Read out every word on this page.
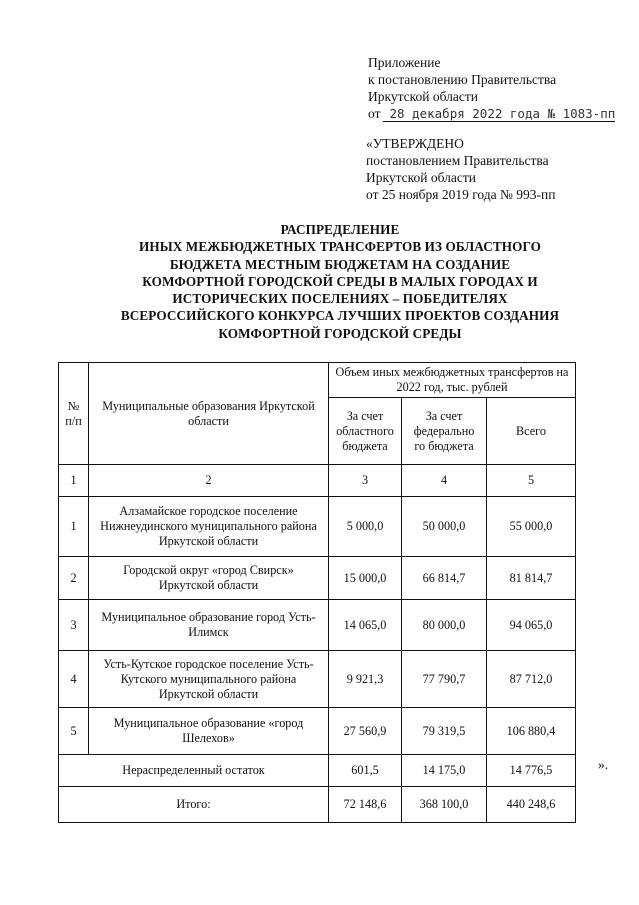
Приложение
к постановлению Правительства
Иркутской области
от 28 декабря 2022 года № 1083-пп
«УТВЕРЖДЕНО
постановлением Правительства
Иркутской области
от 25 ноября 2019 года № 993-пп
РАСПРЕДЕЛЕНИЕ
ИНЫХ МЕЖБЮДЖЕТНЫХ ТРАНСФЕРТОВ ИЗ ОБЛАСТНОГО
БЮДЖЕТА МЕСТНЫМ БЮДЖЕТАМ НА СОЗДАНИЕ
КОМФОРТНОЙ ГОРОДСКОЙ СРЕДЫ В МАЛЫХ ГОРОДАХ И
ИСТОРИЧЕСКИХ ПОСЕЛЕНИЯХ – ПОБЕДИТЕЛЯХ
ВСЕРОССИЙСКОГО КОНКУРСА ЛУЧШИХ ПРОЕКТОВ СОЗДАНИЯ
КОМФОРТНОЙ ГОРОДСКОЙ СРЕДЫ
№
п/п	Муниципальные образования Иркутской области	Объем иных межбюджетных трансфертов на 2022 год, тыс. рублей		
		За счет областного бюджета	За счет федерально го бюджета	Всего
1	2	3	4	5
1	Алзамайское городское поселение Нижнеудинского муниципального района Иркутской области	5 000,0	50 000,0	55 000,0
2	Городской округ «город Свирск» Иркутской области	15 000,0	66 814,7	81 814,7
3	Муниципальное образование город Усть-Илимск	14 065,0	80 000,0	94 065,0
4	Усть-Кутское городское поселение Усть-Кутского муниципального района Иркутской области	9 921,3	77 790,7	87 712,0
5	Муниципальное образование «город Шелехов»	27 560,9	79 319,5	106 880,4
Нераспределенный остаток		601,5	14 175,0	14 776,5
Итого:		72 148,6	368 100,0	440 248,6
».
